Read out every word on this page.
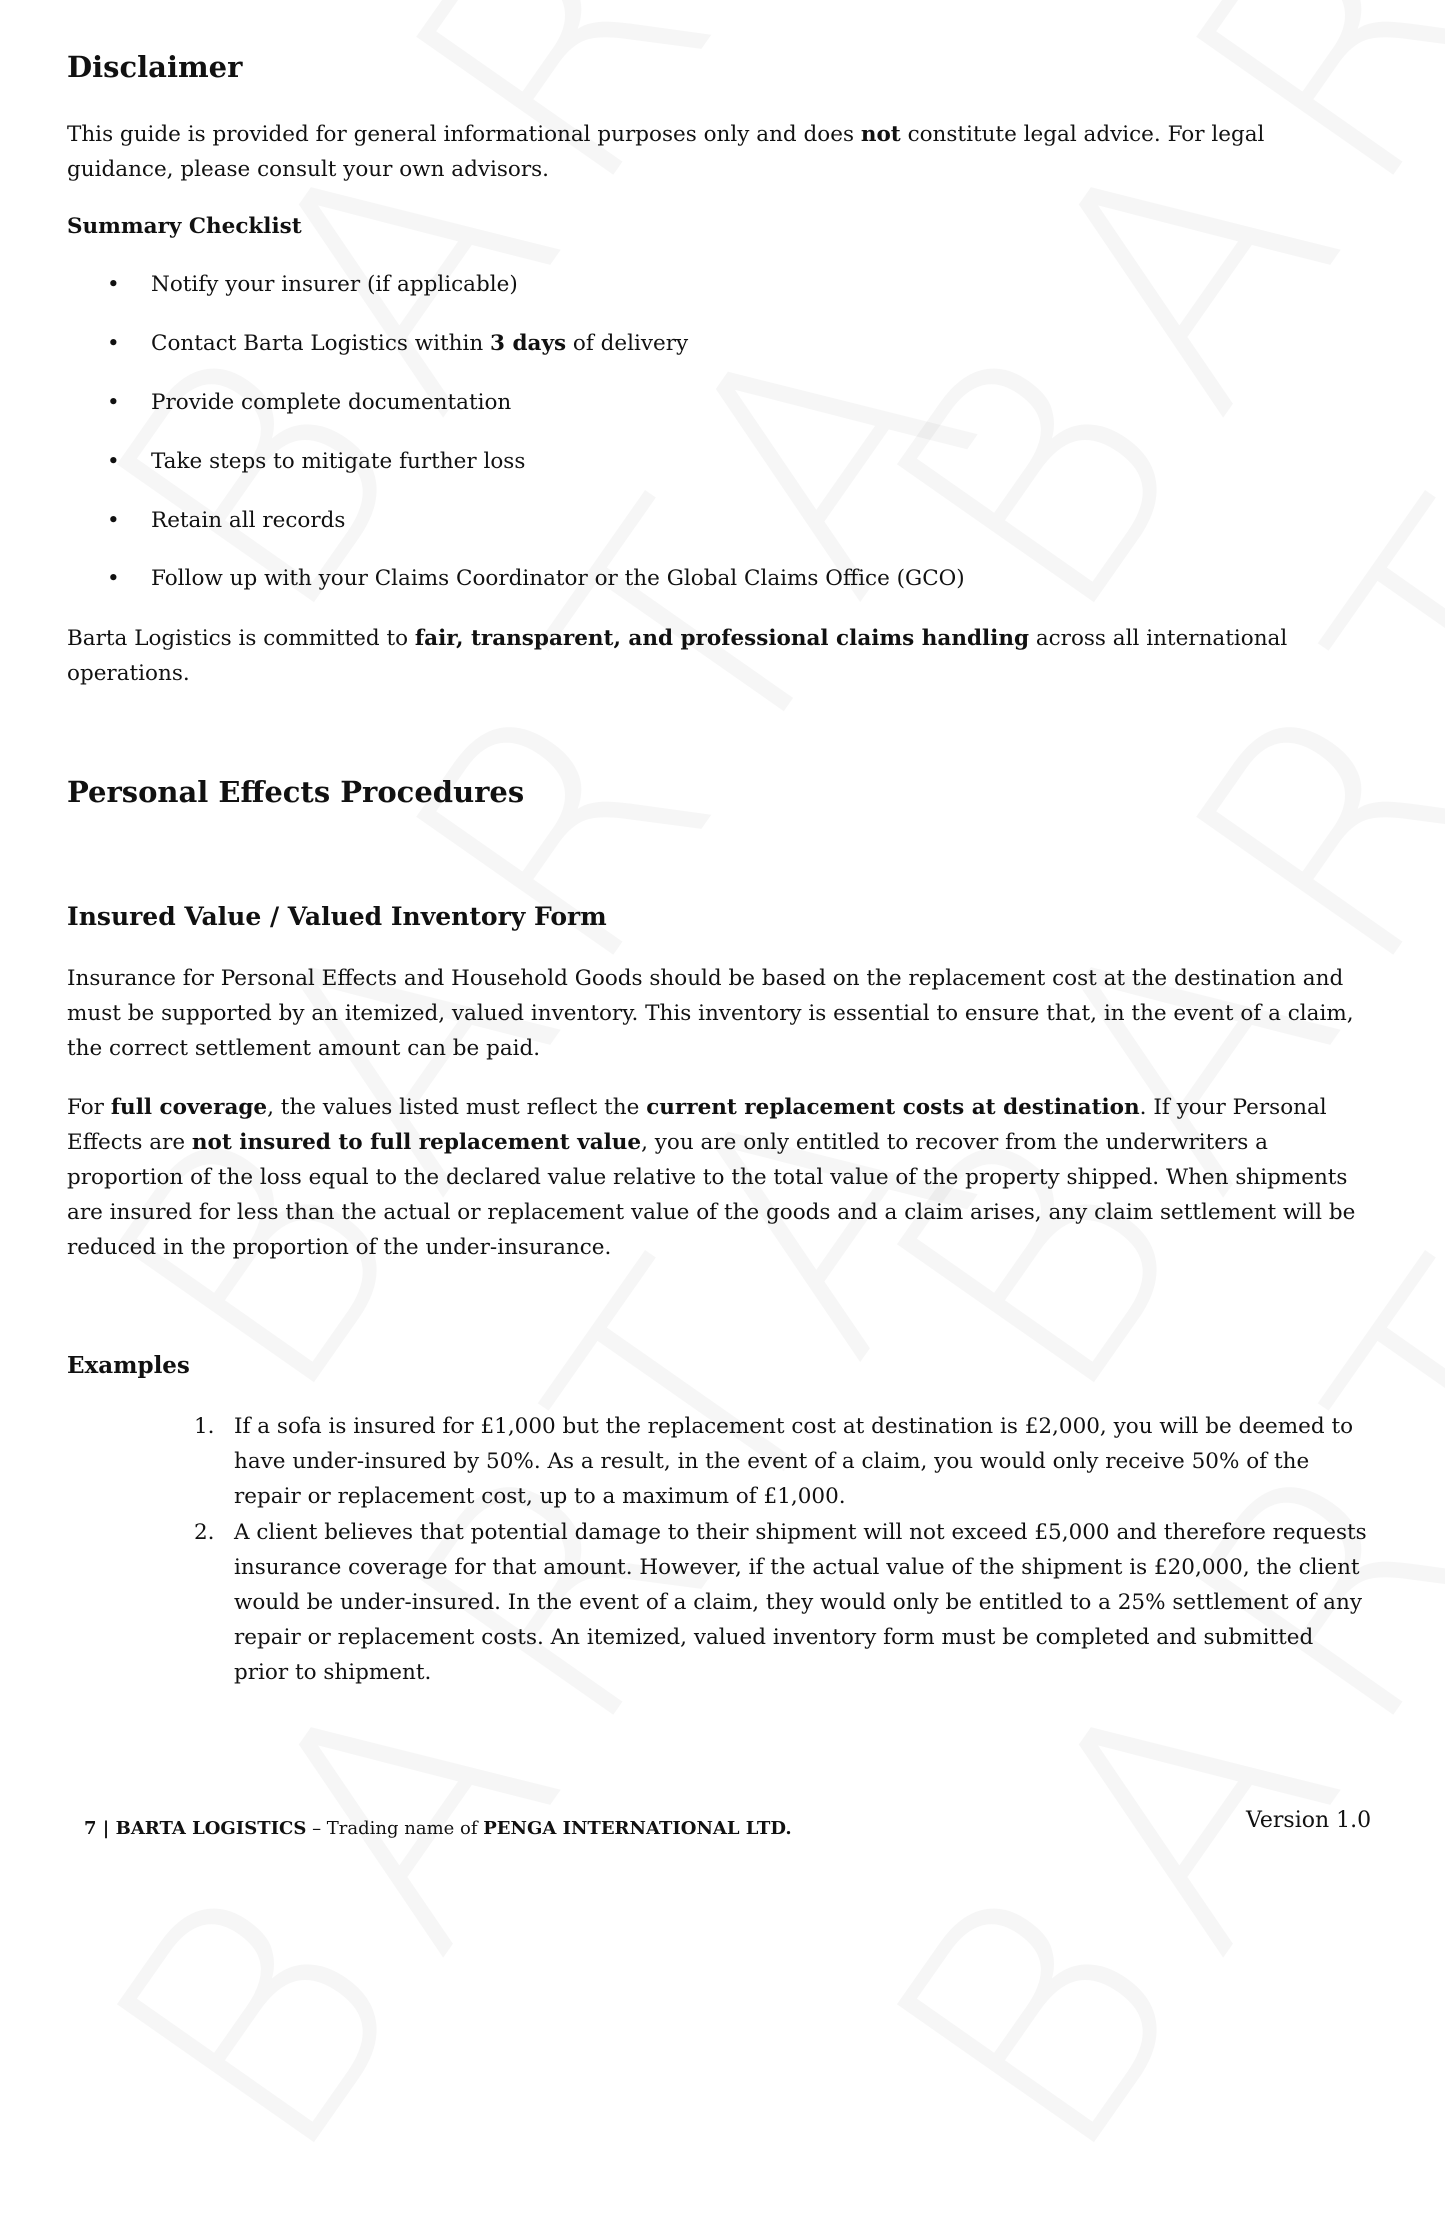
Disclaimer

This guide is provided for general informational purposes only and does not constitute legal advice. For legal guidance, please consult your own advisors.

Summary Checklist
• Notify your insurer (if applicable)
• Contact Barta Logistics within 3 days of delivery
• Provide complete documentation
• Take steps to mitigate further loss
• Retain all records
• Follow up with your Claims Coordinator or the Global Claims Office (GCO)

Barta Logistics is committed to fair, transparent, and professional claims handling across all international operations.

Personal Effects Procedures
Insured Value / Valued Inventory Form

Insurance for Personal Effects and Household Goods should be based on the replacement cost at the destination and must be supported by an itemized, valued inventory. This inventory is essential to ensure that, in the event of a claim, the correct settlement amount can be paid.

For full coverage, the values listed must reflect the current replacement costs at destination. If your Personal Effects are not insured to full replacement value, you are only entitled to recover from the underwriters a proportion of the loss equal to the declared value relative to the total value of the property shipped. When shipments are insured for less than the actual or replacement value of the goods and a claim arises, any claim settlement will be reduced in the proportion of the under-insurance.

Examples
1. If a sofa is insured for £1,000 but the replacement cost at destination is £2,000, you will be deemed to have under-insured by 50%. As a result, in the event of a claim, you would only receive 50% of the repair or replacement cost, up to a maximum of £1,000.
2. A client believes that potential damage to their shipment will not exceed £5,000 and therefore requests insurance coverage for that amount. However, if the actual value of the shipment is £20,000, the client would be under-insured. In the event of a claim, they would only be entitled to a 25% settlement of any repair or replacement costs. An itemized, valued inventory form must be completed and submitted prior to shipment.
7 | BARTA LOGISTICS – Trading name of PENGA INTERNATIONAL LTD.	Version 1.0
